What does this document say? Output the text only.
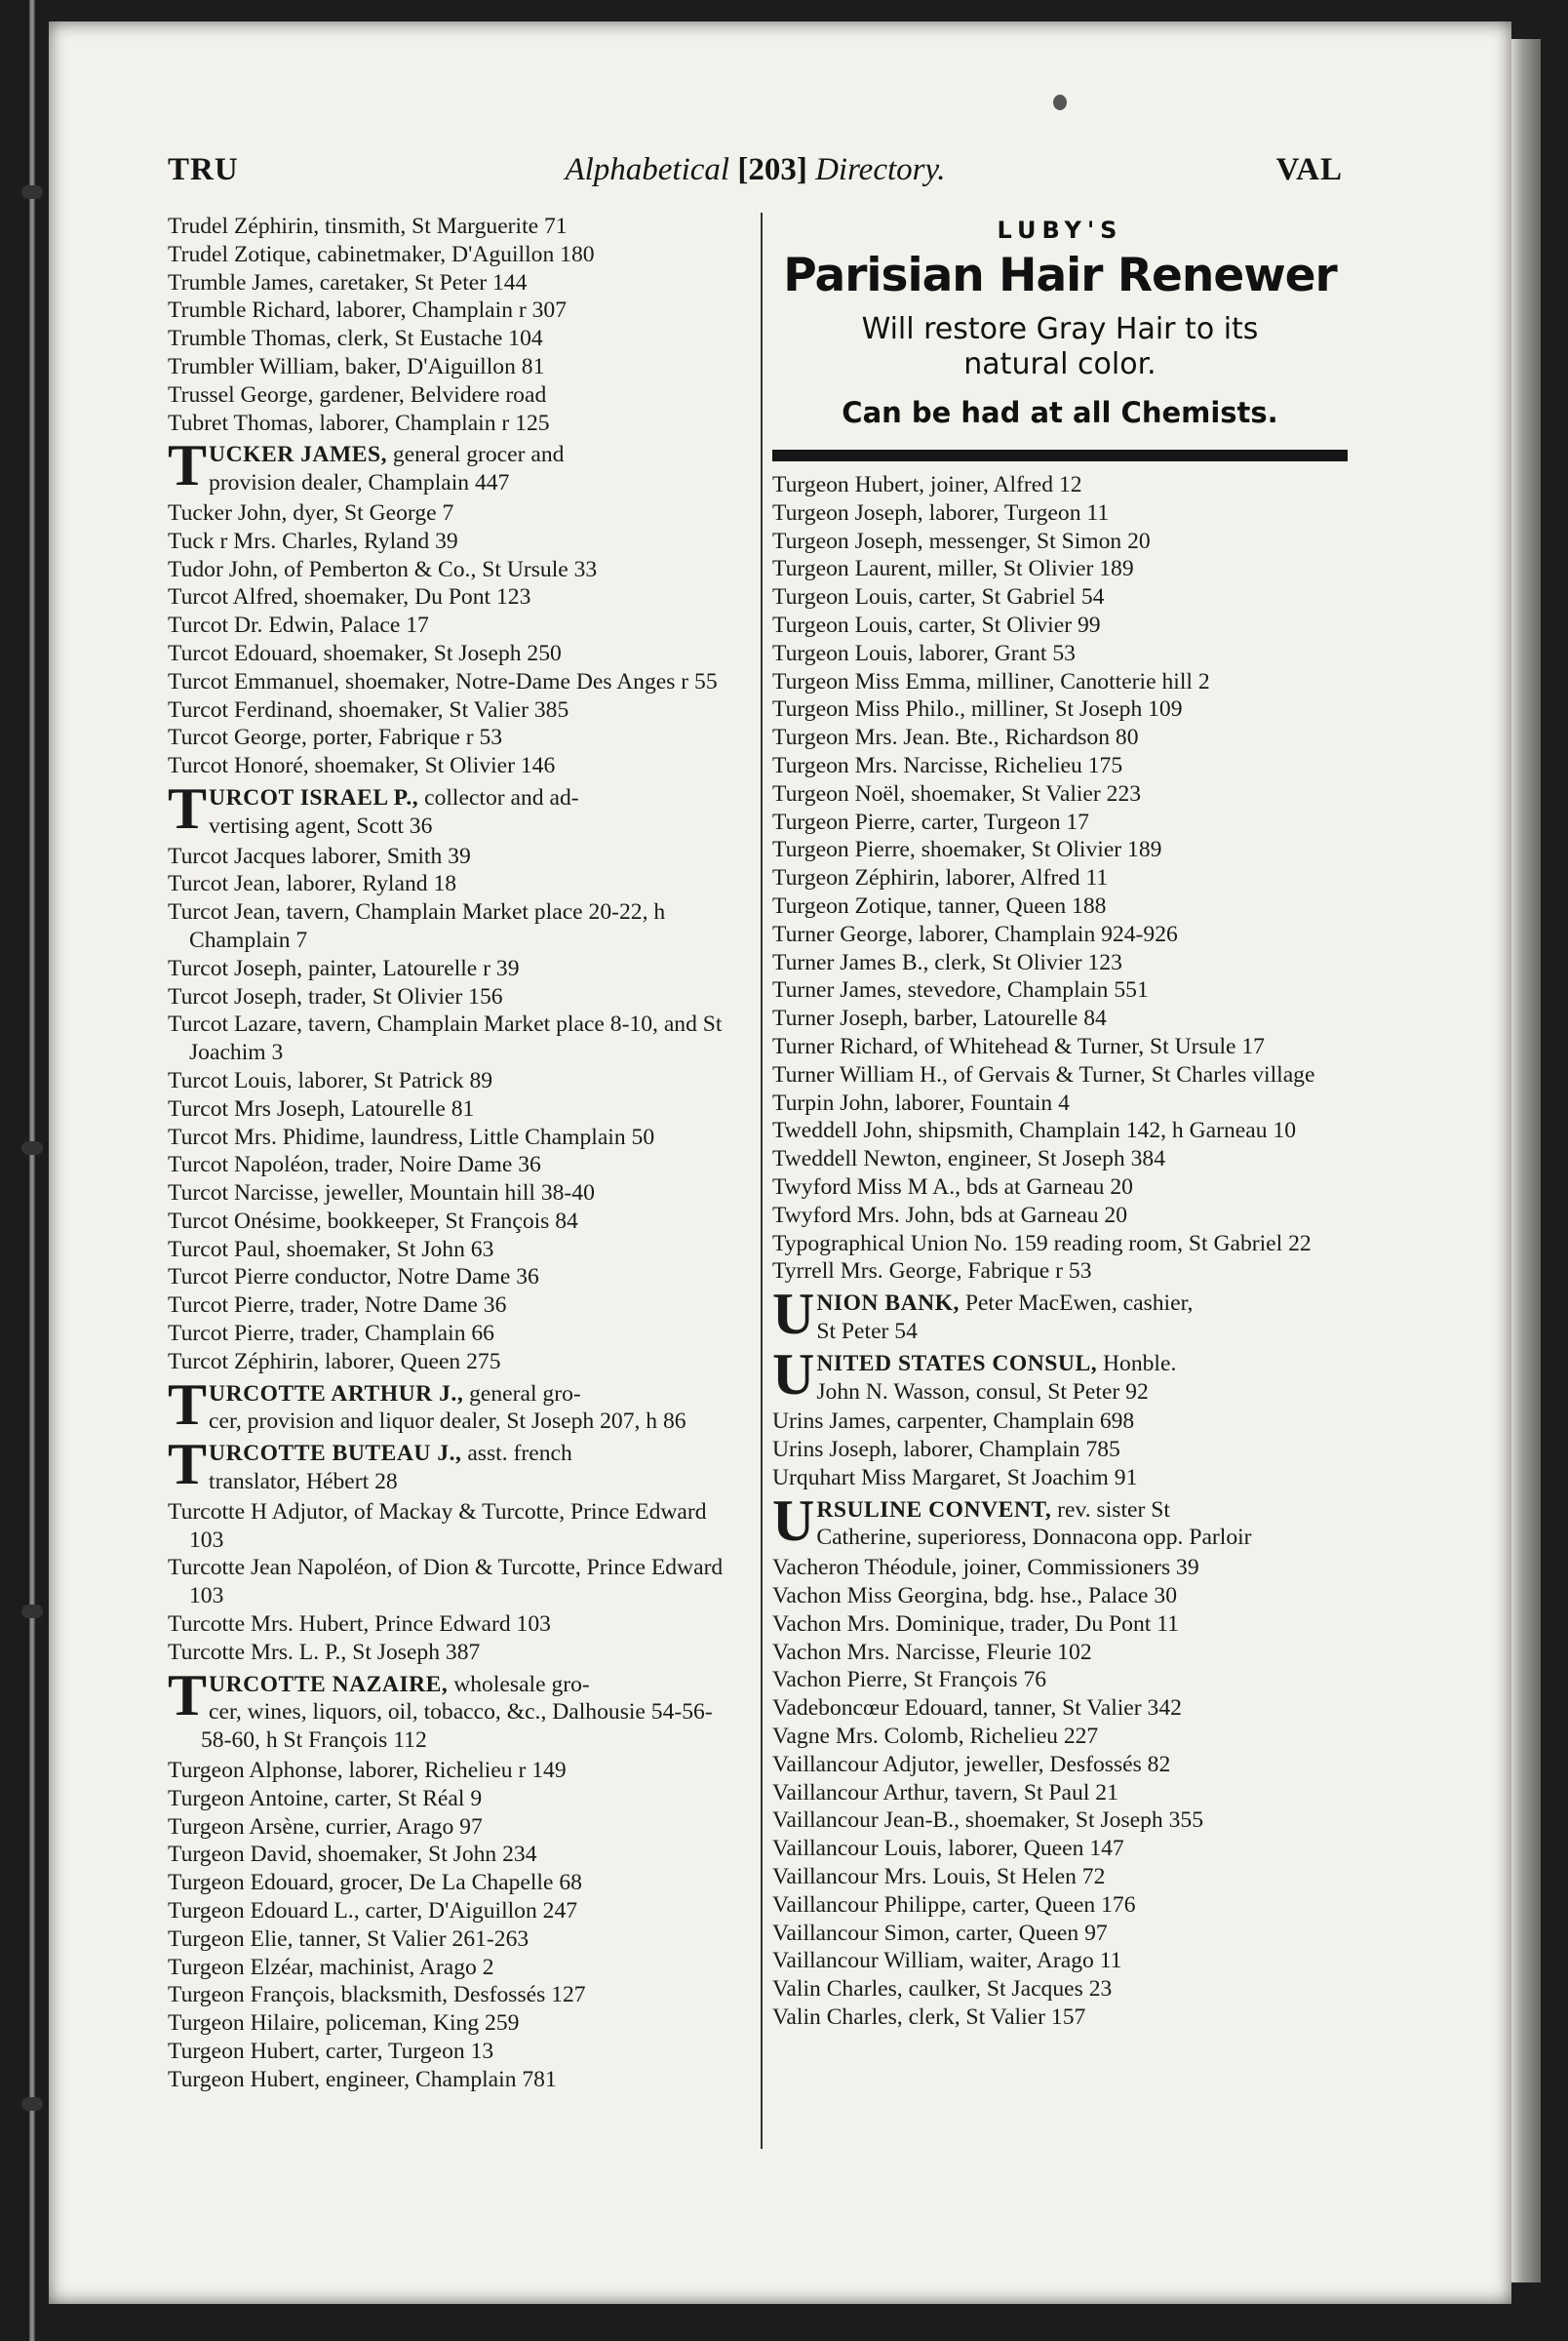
TRU	Alphabetical [203] Directory.	VAL
Trudel Zéphirin, tinsmith, St Marguerite 71
Trudel Zotique, cabinetmaker, D'Aguillon 180
Trumble James, caretaker, St Peter 144
Trumble Richard, laborer, Champlain r 307
Trumble Thomas, clerk, St Eustache 104
Trumbler William, baker, D'Aiguillon 81
Trussel George, gardener, Belvidere road
Tubret Thomas, laborer, Champlain r 125
TUCKER JAMES, general grocer and
provision dealer, Champlain 447
Tucker John, dyer, St George 7
Tuck r Mrs. Charles, Ryland 39
Tudor John, of Pemberton & Co., St Ursule 33
Turcot Alfred, shoemaker, Du Pont 123
Turcot Dr. Edwin, Palace 17
Turcot Edouard, shoemaker, St Joseph 250
Turcot Emmanuel, shoemaker, Notre-Dame Des Anges r 55
Turcot Ferdinand, shoemaker, St Valier 385
Turcot George, porter, Fabrique r 53
Turcot Honoré, shoemaker, St Olivier 146
TURCOT ISRAEL P., collector and ad-
vertising agent, Scott 36
Turcot Jacques laborer, Smith 39
Turcot Jean, laborer, Ryland 18
Turcot Jean, tavern, Champlain Market place 20-22, h Champlain 7
Turcot Joseph, painter, Latourelle r 39
Turcot Joseph, trader, St Olivier 156
Turcot Lazare, tavern, Champlain Market place 8-10, and St Joachim 3
Turcot Louis, laborer, St Patrick 89
Turcot Mrs Joseph, Latourelle 81
Turcot Mrs. Phidime, laundress, Little Champlain 50
Turcot Napoléon, trader, Noire Dame 36
Turcot Narcisse, jeweller, Mountain hill 38-40
Turcot Onésime, bookkeeper, St François 84
Turcot Paul, shoemaker, St John 63
Turcot Pierre conductor, Notre Dame 36
Turcot Pierre, trader, Notre Dame 36
Turcot Pierre, trader, Champlain 66
Turcot Zéphirin, laborer, Queen 275
TURCOTTE ARTHUR J., general gro-
cer, provision and liquor dealer, St Joseph 207, h 86
TURCOTTE BUTEAU J., asst. french
translator, Hébert 28
Turcotte H Adjutor, of Mackay & Turcotte, Prince Edward 103
Turcotte Jean Napoléon, of Dion & Turcotte, Prince Edward 103
Turcotte Mrs. Hubert, Prince Edward 103
Turcotte Mrs. L. P., St Joseph 387
TURCOTTE NAZAIRE, wholesale gro-
cer, wines, liquors, oil, tobacco, &c., Dalhousie 54-56-58-60, h St François 112
Turgeon Alphonse, laborer, Richelieu r 149
Turgeon Antoine, carter, St Réal 9
Turgeon Arsène, currier, Arago 97
Turgeon David, shoemaker, St John 234
Turgeon Edouard, grocer, De La Chapelle 68
Turgeon Edouard L., carter, D'Aiguillon 247
Turgeon Elie, tanner, St Valier 261-263
Turgeon Elzéar, machinist, Arago 2
Turgeon François, blacksmith, Desfossés 127
Turgeon Hilaire, policeman, King 259
Turgeon Hubert, carter, Turgeon 13
Turgeon Hubert, engineer, Champlain 781
LUBY'S
Parisian Hair Renewer
Will restore Gray Hair to its
natural color.
Can be had at all Chemists.
Turgeon Hubert, joiner, Alfred 12
Turgeon Joseph, laborer, Turgeon 11
Turgeon Joseph, messenger, St Simon 20
Turgeon Laurent, miller, St Olivier 189
Turgeon Louis, carter, St Gabriel 54
Turgeon Louis, carter, St Olivier 99
Turgeon Louis, laborer, Grant 53
Turgeon Miss Emma, milliner, Canotterie hill 2
Turgeon Miss Philo., milliner, St Joseph 109
Turgeon Mrs. Jean. Bte., Richardson 80
Turgeon Mrs. Narcisse, Richelieu 175
Turgeon Noël, shoemaker, St Valier 223
Turgeon Pierre, carter, Turgeon 17
Turgeon Pierre, shoemaker, St Olivier 189
Turgeon Zéphirin, laborer, Alfred 11
Turgeon Zotique, tanner, Queen 188
Turner George, laborer, Champlain 924-926
Turner James B., clerk, St Olivier 123
Turner James, stevedore, Champlain 551
Turner Joseph, barber, Latourelle 84
Turner Richard, of Whitehead & Turner, St Ursule 17
Turner William H., of Gervais & Turner, St Charles village
Turpin John, laborer, Fountain 4
Tweddell John, shipsmith, Champlain 142, h Garneau 10
Tweddell Newton, engineer, St Joseph 384
Twyford Miss M A., bds at Garneau 20
Twyford Mrs. John, bds at Garneau 20
Typographical Union No. 159 reading room, St Gabriel 22
Tyrrell Mrs. George, Fabrique r 53
UNION BANK, Peter MacEwen, cashier,
St Peter 54
UNITED STATES CONSUL, Honble.
John N. Wasson, consul, St Peter 92
Urins James, carpenter, Champlain 698
Urins Joseph, laborer, Champlain 785
Urquhart Miss Margaret, St Joachim 91
URSULINE CONVENT, rev. sister St
Catherine, superioress, Donnacona opp. Parloir
Vacheron Théodule, joiner, Commissioners 39
Vachon Miss Georgina, bdg. hse., Palace 30
Vachon Mrs. Dominique, trader, Du Pont 11
Vachon Mrs. Narcisse, Fleurie 102
Vachon Pierre, St François 76
Vadeboncœur Edouard, tanner, St Valier 342
Vagne Mrs. Colomb, Richelieu 227
Vaillancour Adjutor, jeweller, Desfossés 82
Vaillancour Arthur, tavern, St Paul 21
Vaillancour Jean-B., shoemaker, St Joseph 355
Vaillancour Louis, laborer, Queen 147
Vaillancour Mrs. Louis, St Helen 72
Vaillancour Philippe, carter, Queen 176
Vaillancour Simon, carter, Queen 97
Vaillancour William, waiter, Arago 11
Valin Charles, caulker, St Jacques 23
Valin Charles, clerk, St Valier 157
